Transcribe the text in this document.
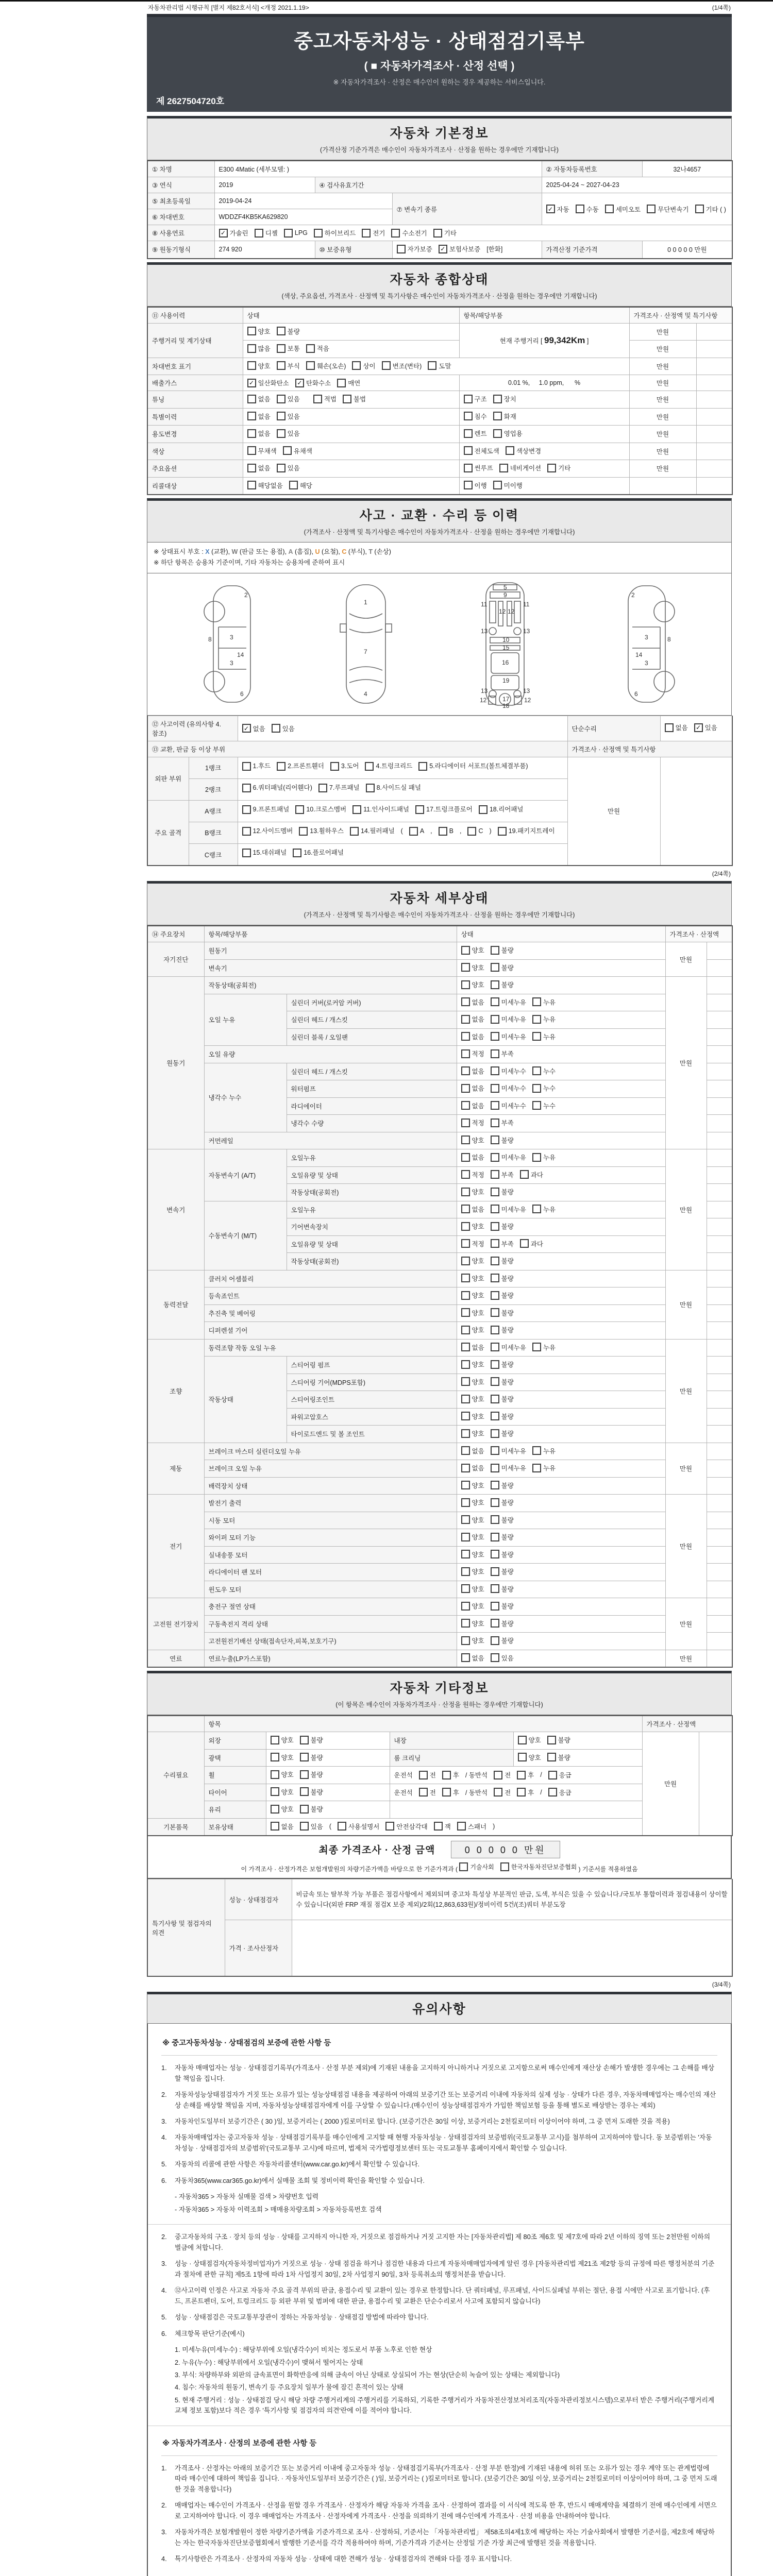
자동차관리법 시행규칙 [별지 제82호서식] <개정 2021.1.19>	(1/4쪽)
중고자동차성능 · 상태점검기록부
( ■ 자동차가격조사 · 산정 선택 )
※ 자동차가격조사 · 산정은 매수인이 원하는 경우 제공하는 서비스입니다.
제 2627504720호
자동차 기본정보
(가격산정 기준가격은 매수인이 자동차가격조사 · 산정을 원하는 경우에만 기재합니다)
① 차명	E300 4Matic (세부모델: )			② 자동차등록번호	32나4657
③ 연식	2019	④ 검사유효기간		2025-04-24 ~ 2027-04-23	
⑤ 최초등록일	2019-04-24	⑦ 변속기 종류	✓ 자동	수동	세미오토	무단변속기	기타 ( )

⑥ 차대번호	WDDZF4KB5KA629820				
⑧ 사용연료	✓ 가솔린	디젤	LPG	하이브리드	전기	수소전기	기타

⑨ 원동기형식	274 920	⑩ 보증유형	자가보증 ✓ 보험사보증 [한화]	가격산정 기준가격	0 0 0 0 0 만원
자동차 종합상태
(색상, 주요옵션, 가격조사 · 산정액 및 특기사항은 매수인이 자동차가격조사 · 산정을 원하는 경우에만 기재합니다)
⑪ 사용이력	상태	항목/해당부품	가격조사 · 산정액 및 특기사항	
주행거리 및 계기상태	양호 불량	현재 주행거리 [ 99,342Km ]	만원	

	많음 보통 적음		만원	
차대번호 표기	양호	부식	훼손(오손)	상이	변조(변타)	도말	만원	
배출가스	✓ 일산화탄소 ✓ 탄화수소 매연	0.01 %,     1.0 ppm,      %	만원	
튜닝	없음 있음 적법 불법	구조 장치	만원	
특별이력	없음 있음	침수 화재	만원	
용도변경	없음 있음	렌트 영업용	만원	
색상	무채색 유채색	전체도색 색상변경	만원	
주요옵션	없음 있음	썬루프 네비게이션 기타	만원	
리콜대상	해당없음 해당	이행 미이행		

사고 · 교환 · 수리 등 이력
(가격조사 · 산정액 및 특기사항은 매수인이 자동차가격조사 · 산정을 원하는 경우에만 기재합니다)
※ 상태표시 부호 : X (교환), W (판금 또는 용접), A (흠집), U (요철), C (부식), T (손상)
※ 하단 항목은 승용차 기준이며, 기타 자동차는 승용차에 준하여 표시
2
8	3
14
3
6
1
7
4
5
9
11	11
12 12
13	13
10
15
16
19
13	13
12	12
17
18
2
8
3
14
3
6
⑫ 사고이력 (유의사항 4.참조)		✓ 없음 있음	단순수리	없음 ✓ 있음

⑬ 교환, 판금 등 이상 부위			가격조사 · 산정액 및 특기사항	
외판 부위	1랭크	1.후드 2.프론트휀더 3.도어 4.트렁크리드 5.라디에이터 서포트(볼트체결부품)	만원	
	2랭크	6.쿼터패널(리어휀다) 7.루프패널 8.사이드실 패널		

주요 골격	A랭크	9.프론트패널 10.크로스멤버 11.인사이드패널 17.트렁크플로어 18.리어패널		

B랭크	12.사이드멤버	13.휠하우스	14.필러패널 (	A ,	B ,	C )	19.패키지트레이

	C랭크	15.대쉬패널 16.플로어패널		
(2/4쪽)
자동차 세부상태
(가격조사 · 산정액 및 특기사항은 매수인이 자동차가격조사 · 산정을 원하는 경우에만 기재합니다)
⑭ 주요장치	항목/해당부품		상태	가격조사 · 산정액	
자기진단	원동기		양호 불량	만원	
	변속기		양호 불량		

원동기	작동상태(공회전)		양호 불량	만원	
	오일 누유	실린더 커버(로커암 커버)	없음 미세누유 누유		

		실린더 헤드 / 개스킷	없음 미세누유 누유		

		실린더 블록 / 오일팬	없음 미세누유 누유		

	오일 유량		적정 부족		

	냉각수 누수	실린더 헤드 / 개스킷	없음 미세누수 누수		

		워터펌프	없음 미세누수 누수		

		라디에이터	없음 미세누수 누수		

		냉각수 수량	적정 부족		

	커먼레일		양호 불량		

변속기	자동변속기 (A/T)	오일누유	없음 미세누유 누유	만원	
		오일유량 및 상태	적정 부족 과다		

		작동상태(공회전)	양호 불량		

	수동변속기 (M/T)	오일누유	없음 미세누유 누유		

		기어변속장치	양호 불량		

		오일유량 및 상태	적정 부족 과다		

		작동상태(공회전)	양호 불량		

동력전달	클러치 어셈블리		양호 불량	만원	
	등속죠인트		양호 불량		

	추진축 및 베어링		양호 불량		

	디퍼렌셜 기어		양호 불량		

조향	동력조향 작동 오일 누유		없음 미세누유 누유	만원	
	작동상태	스티어링 펌프	양호 불량		

		스티어링 기어(MDPS포함)	양호 불량		

		스티어링조인트	양호 불량		

		파워고압호스	양호 불량		

		타이로드엔드 및 볼 조인트	양호 불량		

제동	브레이크 마스터 실린더오일 누유		없음 미세누유 누유	만원	
	브레이크 오일 누유		없음 미세누유 누유		

	배력장치 상태		양호 불량		

전기	발전기 출력		양호 불량	만원	
	시동 모터		양호 불량		

	와이퍼 모터 기능		양호 불량		

	실내송풍 모터		양호 불량		

	라디에이터 팬 모터		양호 불량		

	윈도우 모터		양호 불량		

고전원 전기장치	충전구 절연 상태		양호 불량	만원	
	구동축전지 격리 상태		양호 불량		

	고전원전기배선 상태(접속단자,피복,보호기구)		양호 불량		

연료	연료누출(LP가스포함)		없음 있음	만원	
자동차 기타정보
(이 항목은 매수인이 자동차가격조사 · 산정을 원하는 경우에만 기재합니다)
	항목				가격조사 · 산정액	
수리필요	외장	양호 불량	내장	양호 불량	만원	
	광택	양호 불량	룸 크리닝	양호 불량		

휠	양호	불량	운전석	전	후 / 동반석	전	후 /	응급

타이어	양호	불량	운전석	전	후 / 동반석	전	후 /	응급

	유리	양호 불량				

기본품목	보유상태	없음	있음 (	사용설명서	안전삼각대	잭	스패너 )
최종 가격조사 · 산정 금액	0 0 0 0 0 만원
이 가격조사 · 산정가격은 보험개발원의 차량기준가액을 바탕으로 한 기준가격과 ( 기술사회	한국자동차진단보증협회 ) 기준서를 적용하였음
특기사항 및 점검자의 의견	성능 · 상태점검자	비금속 또는 탈부착 가능 부품은 점검사항에서 제외되며 중고차 특성상 부분적인 판금, 도색, 부식은 있을 수 있습니다./국토부 통합이력과 점검내용이 상이할 수 있습니다(외판 FRP 재질 점검X 보증 제외)/2회(12,863,633원)/정비이력 5건/(조)쿼터 부분도장
	가격 · 조사산정자	
(3/4쪽)
유의사항
※ 중고자동차성능 · 상태점검의 보증에 관한 사항 등
1.	자동차 매매업자는 성능 · 상태점검기록부(가격조사 · 산정 부분 제외)에 기재된 내용을 고지하지 아니하거나 거짓으로 고지함으로써 매수인에게 재산상 손해가 발생한 경우에는 그 손해를 배상할 책임을 집니다.
2.	자동차성능상태점검자가 거짓 또는 오류가 있는 성능상태점검 내용을 제공하여 아래의 보증기간 또는 보증거리 이내에 자동차의 실제 성능 · 상태가 다른 경우, 자동차매매업자는 매수인의 재산상 손해를 배상할 책임을 지며, 자동차성능상태점검자에게 이를 구상할 수 있습니다.(매수인이 성능상태점검자가 가입한 책임보험 등을 통해 별도로 배상받는 경우는 제외)
3.	자동차인도일부터 보증기간은 ( 30 )일, 보증거리는 ( 2000 )킬로미터로 합니다. (보증기간은 30일 이상, 보증거리는 2천킬로미터 이상이어야 하며, 그 중 먼저 도래한 것을 적용)
4.	자동차매매업자는 중고자동차 성능 · 상태점검기록부를 매수인에게 고지할 때 현행 자동차성능 · 상태점검자의 보증범위(국토교통부 고시)를 첨부하여 고지하여야 합니다. 동 보증범위는 '자동차성능 · 상태점검자의 보증범위'(국토교통부 고시)에 따르며, 법제처 국가법령정보센터 또는 국토교통부 홈페이지에서 확인할 수 있습니다.
5.	자동차의 리콜에 관한 사항은 자동차리콜센터(www.car.go.kr)에서 확인할 수 있습니다.
6.	자동차365(www.car365.go.kr)에서 실매물 조회 및 정비이력 확인을 확인할 수 있습니다.
- 자동차365 > 자동차 실매물 검색 > 차량번호 입력
- 자동차365 > 자동차 이력조회 > 매매용차량조회 > 자동차등록번호 검색
2.	중고자동차의 구조 · 장치 등의 성능 · 상태를 고지하지 아니한 자, 거짓으로 점검하거나 거짓 고지한 자는 [자동차관리법] 제 80조 제6호 및 제7호에 따라 2년 이하의 징역 또는 2천만원 이하의 벌금에 처합니다.
3.	성능 · 상태점검자(자동차정비업자)가 거짓으로 성능 · 상태 점검을 하거나 점검한 내용과 다르게 자동차매매업자에게 알린 경우 [자동차관리법 제21조 제2항 등의 규정에 따른 행정처분의 기준과 절차에 관한 규칙] 제5조 1항에 따라 1차 사업정지 30일, 2차 사업정지 90일, 3차 등록취소의 행정처분을 받습니다.
4.	⑫사고이력 인정은 사고로 자동차 주요 골격 부위의 판금, 용접수리 및 교환이 있는 경우로 한정합니다. 단 쿼터패널, 루프패널, 사이드실패널 부위는 절단, 용접 시에만 사고로 표기합니다. (후드, 프론트펜더, 도어, 트렁크리드 등 외판 부위 및 범퍼에 대한 판금, 용접수리 및 교환은 단순수리로서 사고에 포함되지 않습니다)
5.	성능 · 상태점검은 국토교통부장관이 정하는 자동차성능 · 상태점검 방법에 따라야 합니다.
6.	체크항목 판단기준(예시)
1. 미세누유(미세누수) : 해당부위에 오일(냉각수)이 비치는 정도로서 부품 노후로 인한 현상
2. 누유(누수) : 해당부위에서 오일(냉각수)이 맺혀서 떨어지는 상태
3. 부식: 차량하부와 외판의 금속표면이 화학반응에 의해 금속이 아닌 상태로 상실되어 가는 현상(단순히 녹슬어 있는 상태는 제외합니다)
4. 침수: 자동차의 원동기, 변속기 등 주요장치 일부가 물에 잠긴 흔적이 있는 상태
5. 현재 주행거리 : 성능 · 상태점검 당시 해당 차량 주행거리계의 주행거리를 기록하되, 기록한 주행거리가 자동차전산정보처리조직(자동차관리정보시스템)으로부터 받은 주행거리(주행거리계 교체 정보 포함)보다 적은 경우 '특기사항 및 점검자의 의견'란에 이를 적어야 합니다.
※ 자동차가격조사 · 산정의 보증에 관한 사항 등
1.	가격조사 · 산정자는 아래의 보증기간 또는 보증거리 이내에 중고자동차 성능 · 상태점검기록부(가격조사 · 산정 부분 한정)에 기재된 내용에 허위 또는 오류가 있는 경우 계약 또는 관계법령에 따라 매수인에 대하여 책임을 집니다. · 자동차인도일부터 보증기간은 ( )일, 보증거리는 ( )킬로미터로 합니다. (보증기간은 30일 이상, 보증거리는 2천킬로미터 이상이어야 하며, 그 중 먼저 도래한 것을 적용합니다)
2.	매매업자는 매수인이 가격조사 · 산정을 원할 경우 가격조사 · 산정자가 해당 자동차 가격을 조사 · 산정하여 결과를 이 서식에 적도록 한 후, 반드시 매매계약을 체결하기 전에 매수인에게 서면으로 고지하여야 합니다. 이 경우 매매업자는 가격조사 · 산정자에게 가격조사 · 산정을 의뢰하기 전에 매수인에게 가격조사 · 산정 비용을 안내하여야 합니다.
3.	자동차가격은 보험개발원이 정한 차량기준가액을 기준가격으로 조사 · 산정하되, 기준서는 「자동차관리법」 제58조의4제1호에 해당하는 자는 기술사회에서 발행한 기준서를, 제2호에 해당하는 자는 한국자동차진단보증협회에서 발행한 기준서를 각각 적용하여야 하며, 기준가격과 기준서는 산정일 기준 가장 최근에 발행된 것을 적용합니다.
4.	특기사항란은 가격조사 · 산정자의 자동차 성능 · 상태에 대한 견해가 성능 · 상태점검자의 견해와 다를 경우 표시합니다.
